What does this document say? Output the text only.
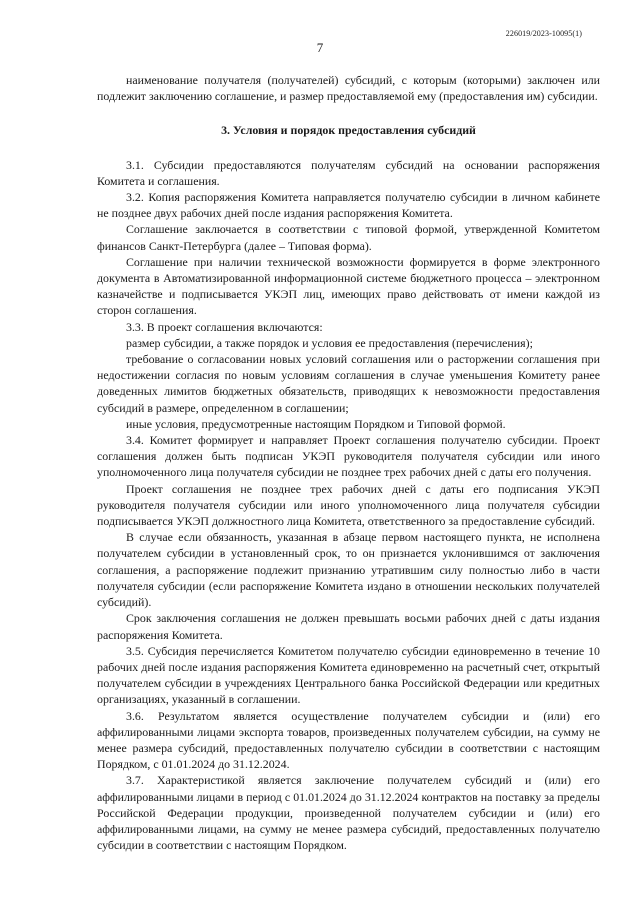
226019/2023-10095(1)
7

наименование получателя (получателей) субсидий, с которым (которыми) заключен или подлежит заключению соглашение, и размер предоставляемой ему (предоставления им) субсидии.

3. Условия и порядок предоставления субсидий

3.1. Субсидии предоставляются получателям субсидий на основании распоряжения Комитета и соглашения.

3.2. Копия распоряжения Комитета направляется получателю субсидии в личном кабинете не позднее двух рабочих дней после издания распоряжения Комитета.

Соглашение заключается в соответствии с типовой формой, утвержденной Комитетом финансов Санкт-Петербурга (далее – Типовая форма).

Соглашение при наличии технической возможности формируется в форме электронного документа в Автоматизированной информационной системе бюджетного процесса – электронном казначействе и подписывается УКЭП лиц, имеющих право действовать от имени каждой из сторон соглашения.

3.3. В проект соглашения включаются:

размер субсидии, а также порядок и условия ее предоставления (перечисления);

требование о согласовании новых условий соглашения или о расторжении соглашения при недостижении согласия по новым условиям соглашения в случае уменьшения Комитету ранее доведенных лимитов бюджетных обязательств, приводящих к невозможности предоставления субсидий в размере, определенном в соглашении;

иные условия, предусмотренные настоящим Порядком и Типовой формой.

3.4. Комитет формирует и направляет Проект соглашения получателю субсидии. Проект соглашения должен быть подписан УКЭП руководителя получателя субсидии или иного уполномоченного лица получателя субсидии не позднее трех рабочих дней с даты его получения.

Проект соглашения не позднее трех рабочих дней с даты его подписания УКЭП руководителя получателя субсидии или иного уполномоченного лица получателя субсидии подписывается УКЭП должностного лица Комитета, ответственного за предоставление субсидий.

В случае если обязанность, указанная в абзаце первом настоящего пункта, не исполнена получателем субсидии в установленный срок, то он признается уклонившимся от заключения соглашения, а распоряжение подлежит признанию утратившим силу полностью либо в части получателя субсидии (если распоряжение Комитета издано в отношении нескольких получателей субсидий).

Срок заключения соглашения не должен превышать восьми рабочих дней с даты издания распоряжения Комитета.

3.5. Субсидия перечисляется Комитетом получателю субсидии единовременно в течение 10 рабочих дней после издания распоряжения Комитета единовременно на расчетный счет, открытый получателем субсидии в учреждениях Центрального банка Российской Федерации или кредитных организациях, указанный в соглашении.

3.6. Результатом является осуществление получателем субсидии и (или) его аффилированными лицами экспорта товаров, произведенных получателем субсидии, на сумму не менее размера субсидий, предоставленных получателю субсидии в соответствии с настоящим Порядком, с 01.01.2024 до 31.12.2024.

3.7. Характеристикой является заключение получателем субсидий и (или) его аффилированными лицами в период с 01.01.2024 до 31.12.2024 контрактов на поставку за пределы Российской Федерации продукции, произведенной получателем субсидии и (или) его аффилированными лицами, на сумму не менее размера субсидий, предоставленных получателю субсидии в соответствии с настоящим Порядком.
